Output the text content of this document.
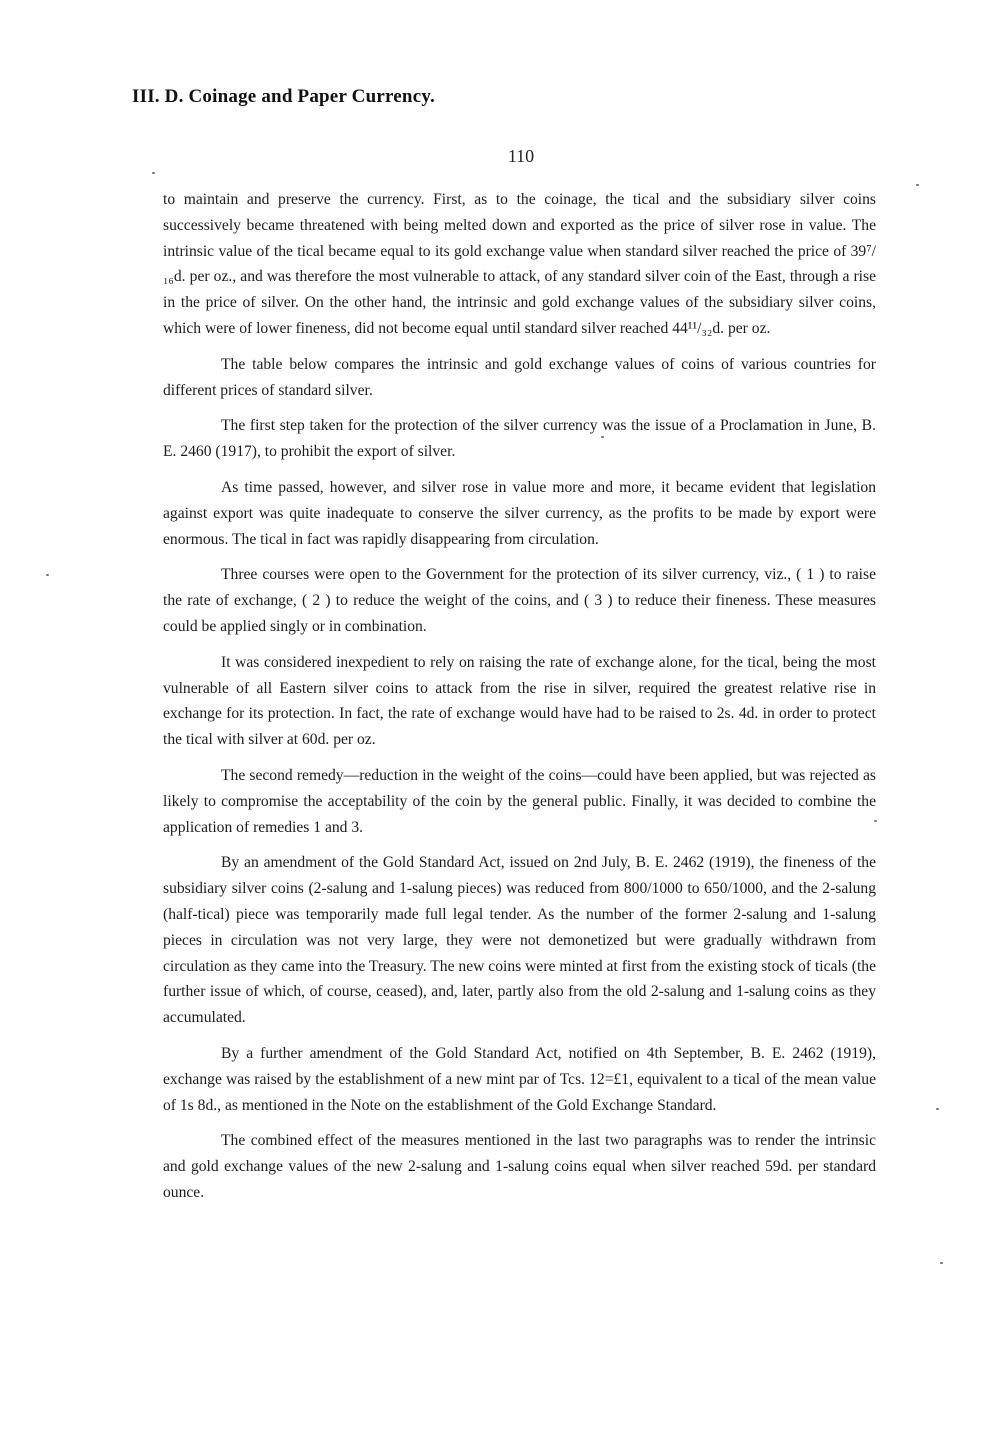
III. D. Coinage and Paper Currency.
110

to maintain and preserve the currency. First, as to the coinage, the tical and the subsidiary silver coins successively became threatened with being melted down and exported as the price of silver rose in value. The intrinsic value of the tical became equal to its gold exchange value when standard silver reached the price of 39⁷/₁₆d. per oz., and was therefore the most vulnerable to attack, of any standard silver coin of the East, through a rise in the price of silver. On the other hand, the intrinsic and gold exchange values of the subsidiary silver coins, which were of lower fineness, did not become equal until standard silver reached 44¹¹/₃₂d. per oz.

The table below compares the intrinsic and gold exchange values of coins of various countries for different prices of standard silver.

The first step taken for the protection of the silver currency was the issue of a Proclamation in June, B. E. 2460 (1917), to prohibit the export of silver.

As time passed, however, and silver rose in value more and more, it became evident that legislation against export was quite inadequate to conserve the silver currency, as the profits to be made by export were enormous. The tical in fact was rapidly disappearing from circulation.

Three courses were open to the Government for the protection of its silver currency, viz., ( 1 ) to raise the rate of exchange, ( 2 ) to reduce the weight of the coins, and ( 3 ) to reduce their fineness. These measures could be applied singly or in combination.

It was considered inexpedient to rely on raising the rate of exchange alone, for the tical, being the most vulnerable of all Eastern silver coins to attack from the rise in silver, required the greatest relative rise in exchange for its protection. In fact, the rate of exchange would have had to be raised to 2s. 4d. in order to protect the tical with silver at 60d. per oz.

The second remedy—reduction in the weight of the coins—could have been applied, but was rejected as likely to compromise the acceptability of the coin by the general public. Finally, it was decided to combine the application of remedies 1 and 3.

By an amendment of the Gold Standard Act, issued on 2nd July, B. E. 2462 (1919), the fineness of the subsidiary silver coins (2-salung and 1-salung pieces) was reduced from 800/1000 to 650/1000, and the 2-salung (half-tical) piece was temporarily made full legal tender. As the number of the former 2-salung and 1-salung pieces in circulation was not very large, they were not demonetized but were gradually withdrawn from circulation as they came into the Treasury. The new coins were minted at first from the existing stock of ticals (the further issue of which, of course, ceased), and, later, partly also from the old 2-salung and 1-salung coins as they accumulated.

By a further amendment of the Gold Standard Act, notified on 4th September, B. E. 2462 (1919), exchange was raised by the establishment of a new mint par of Tcs. 12=£1, equivalent to a tical of the mean value of 1s 8d., as mentioned in the Note on the establishment of the Gold Exchange Standard.

The combined effect of the measures mentioned in the last two paragraphs was to render the intrinsic and gold exchange values of the new 2-salung and 1-salung coins equal when silver reached 59d. per standard ounce.
